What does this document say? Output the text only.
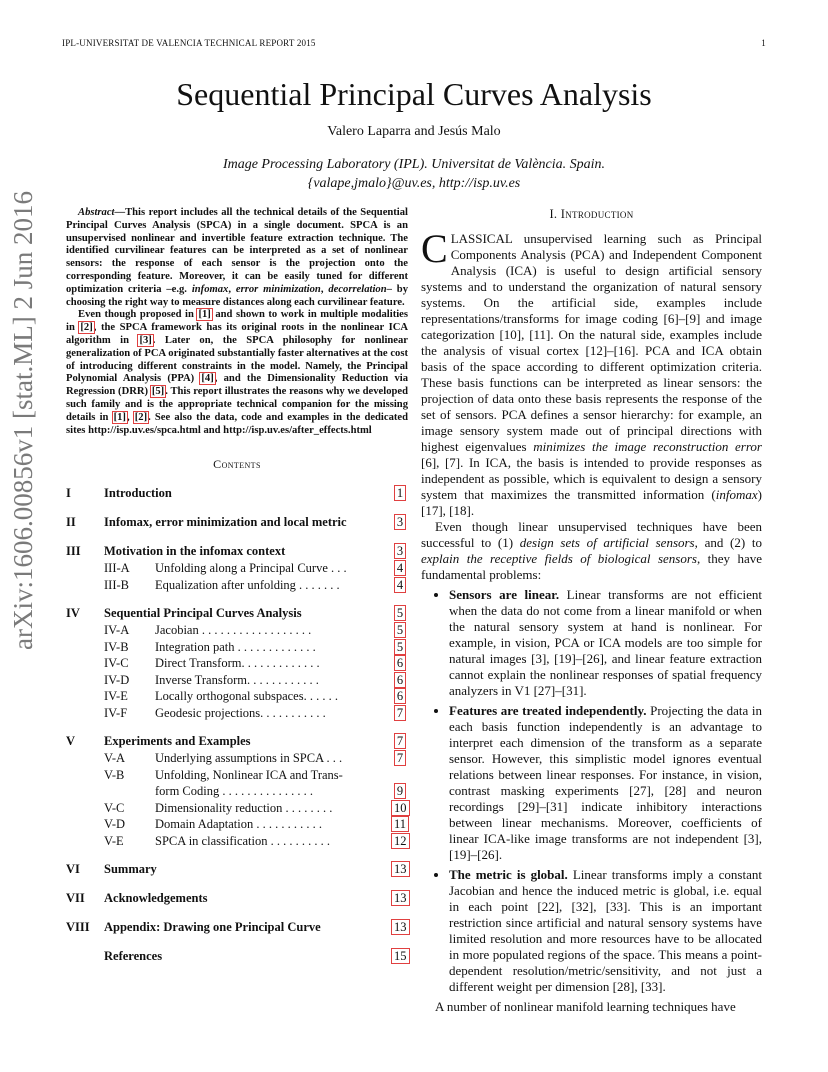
IPL-UNIVERSITAT DE VALENCIA TECHNICAL REPORT 2015	1
arXiv:1606.00856v1 [stat.ML] 2 Jun 2016
Sequential Principal Curves Analysis
Valero Laparra and Jesús Malo
Image Processing Laboratory (IPL). Universitat de València. Spain.
{valape,jmalo}@uv.es, http://isp.uv.es

Abstract—This report includes all the technical details of the Sequential Principal Curves Analysis (SPCA) in a single document. SPCA is an unsupervised nonlinear and invertible feature extraction technique. The identified curvilinear features can be interpreted as a set of nonlinear sensors: the response of each sensor is the projection onto the corresponding feature. Moreover, it can be easily tuned for different optimization criteria –e.g. infomax, error minimization, decorrelation– by choosing the right way to measure distances along each curvilinear feature.

Even though proposed in [1] and shown to work in multiple modalities in [2], the SPCA framework has its original roots in the nonlinear ICA algorithm in [3]. Later on, the SPCA philosophy for nonlinear generalization of PCA originated substantially faster alternatives at the cost of introducing different constraints in the model. Namely, the Principal Polynomial Analysis (PPA) [4], and the Dimensionality Reduction via Regression (DRR) [5]. This report illustrates the reasons why we developed such family and is the appropriate technical companion for the missing details in [1], [2]. See also the data, code and examples in the dedicated sites http://isp.uv.es/spca.html and http://isp.uv.es/after_effects.html

Contents
I	Introduction	1
II	Infomax, error minimization and local metric	3
III	Motivation in the infomax context	3
III-A	Unfolding along a Principal Curve . . .	4
III-B	Equalization after unfolding . . . . . . .	4
IV	Sequential Principal Curves Analysis	5
IV-A	Jacobian . . . . . . . . . . . . . . . . . .	5
IV-B	Integration path . . . . . . . . . . . . .	5
IV-C	Direct Transform. . . . . . . . . . . . .	6
IV-D	Inverse Transform. . . . . . . . . . . .	6
IV-E	Locally orthogonal subspaces. . . . . .	6
IV-F	Geodesic projections. . . . . . . . . . .	7
V	Experiments and Examples	7
V-A	Underlying assumptions in SPCA . . .	7
V-B	Unfolding, Nonlinear ICA and Trans-
form Coding . . . . . . . . . . . . . . .	9
V-C	Dimensionality reduction . . . . . . . .	10
V-D	Domain Adaptation . . . . . . . . . . .	11
V-E	SPCA in classification . . . . . . . . . .	12
VI	Summary	13
VII	Acknowledgements	13
VIII	Appendix: Drawing one Principal Curve	13
References	15
I. Introduction

CLASSICAL unsupervised learning such as Principal Components Analysis (PCA) and Independent Component Analysis (ICA) is useful to design artificial sensory systems and to understand the organization of natural sensory systems. On the artificial side, examples include representations/transforms for image coding [6]–[9] and image categorization [10], [11]. On the natural side, examples include the analysis of visual cortex [12]–[16]. PCA and ICA obtain basis of the space according to different optimization criteria. These basis functions can be interpreted as linear sensors: the projection of data onto these basis represents the response of the set of sensors. PCA defines a sensor hierarchy: for example, an image sensory system made out of principal directions with highest eigenvalues minimizes the image reconstruction error [6], [7]. In ICA, the basis is intended to provide responses as independent as possible, which is equivalent to design a sensory system that maximizes the transmitted information (infomax) [17], [18].

Even though linear unsupervised techniques have been successful to (1) design sets of artificial sensors, and (2) to explain the receptive fields of biological sensors, they have fundamental problems:

• Sensors are linear. Linear transforms are not efficient when the data do not come from a linear manifold or when the natural sensory system at hand is nonlinear. For example, in vision, PCA or ICA models are too simple for natural images [3], [19]–[26], and linear feature extraction cannot explain the nonlinear responses of spatial frequency analyzers in V1 [27]–[31].
• Features are treated independently. Projecting the data in each basis function independently is an advantage to interpret each dimension of the transform as a separate sensor. However, this simplistic model ignores eventual relations between linear responses. For instance, in vision, contrast masking experiments [27], [28] and neuron recordings [29]–[31] indicate inhibitory interactions between linear mechanisms. Moreover, coefficients of linear ICA-like image transforms are not independent [3], [19]–[26].
• The metric is global. Linear transforms imply a constant Jacobian and hence the induced metric is global, i.e. equal in each point [22], [32], [33]. This is an important restriction since artificial and natural sensory systems have limited resolution and more resources have to be allocated in more populated regions of the space. This means a point-dependent resolution/metric/sensitivity, and not just a different weight per dimension [28], [33].

A number of nonlinear manifold learning techniques have
